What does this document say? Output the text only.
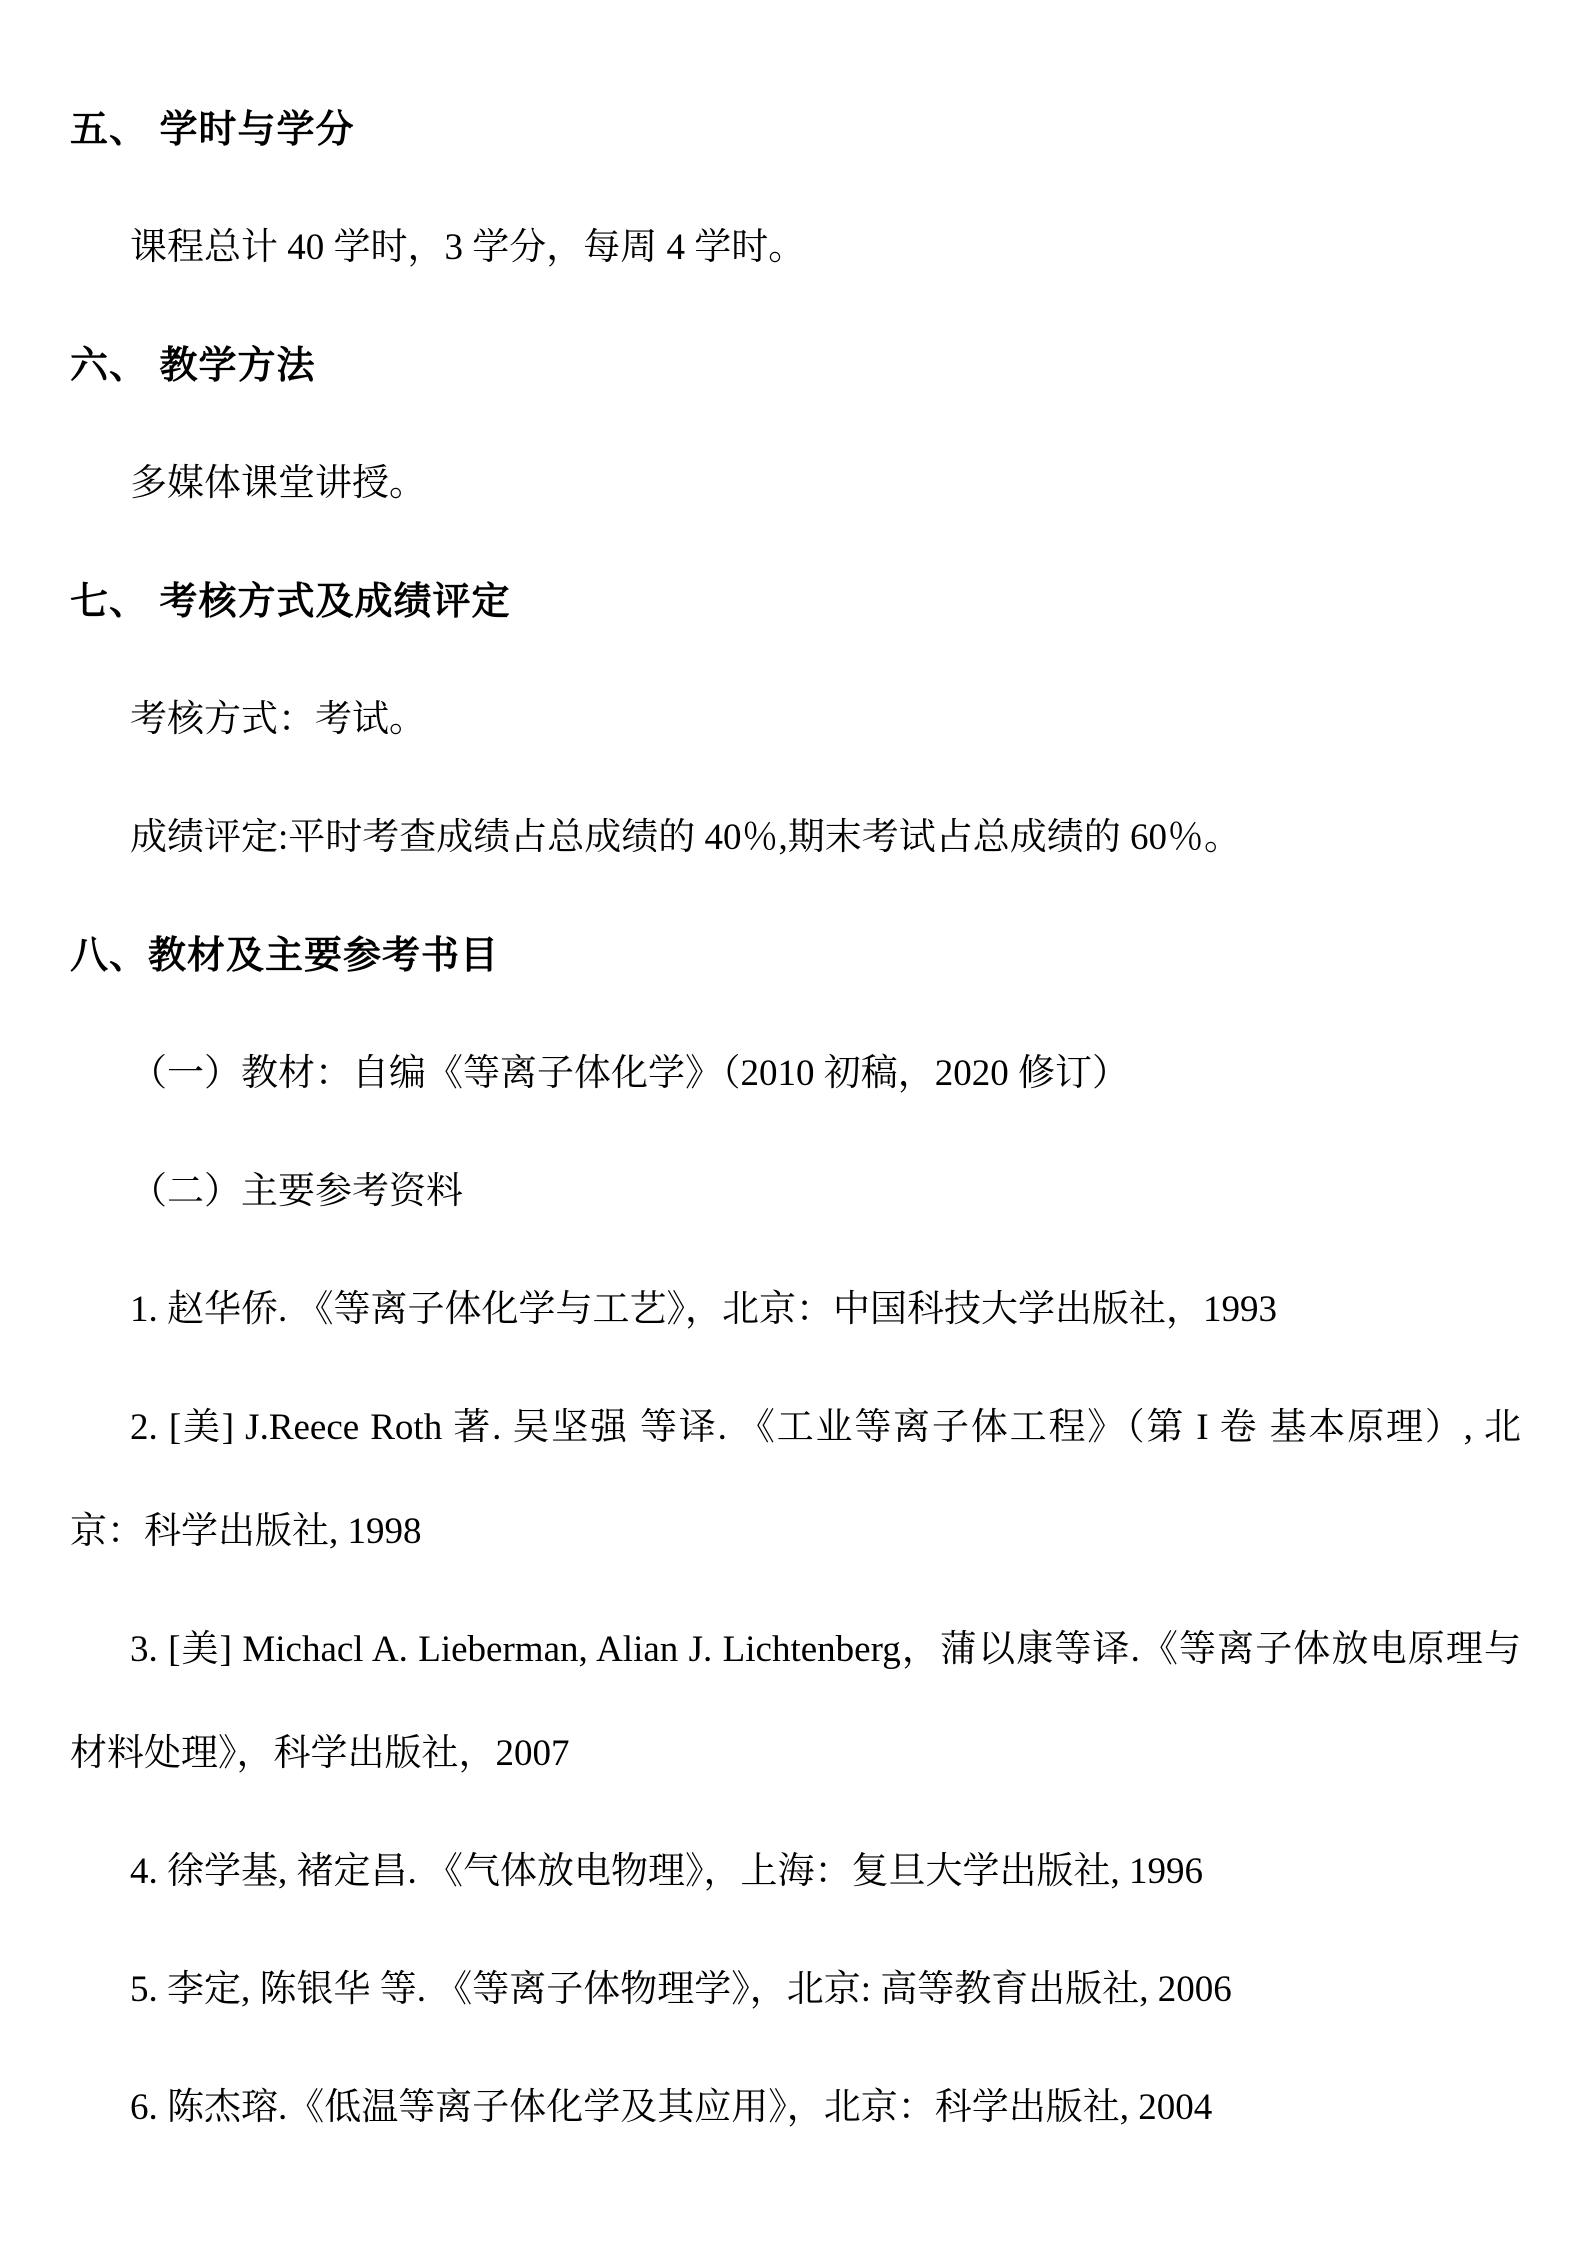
五、 学时与学分
课程总计 40 学时，3 学分，每周 4 学时。
六、 教学方法
多媒体课堂讲授。
七、 考核方式及成绩评定
考核方式：考试。
成绩评定:平时考查成绩占总成绩的 40％,期末考试占总成绩的 60％。
八、教材及主要参考书目
（一）教材：自编《等离子体化学》（2010 初稿，2020 修订）
（二）主要参考资料
1. 赵华侨. 《等离子体化学与工艺》，北京：中国科技大学出版社，1993
2. [美] J.Reece Roth 著. 吴坚强 等译. 《工业等离子体工程》（第 I 卷 基本原理）, 北京：科学出版社, 1998
3. [美] Michacl A. Lieberman, Alian J. Lichtenberg，蒲以康等译.《等离子体放电原理与材料处理》，科学出版社，2007
4. 徐学基, 褚定昌. 《气体放电物理》，上海：复旦大学出版社, 1996
5. 李定, 陈银华 等. 《等离子体物理学》，北京: 高等教育出版社, 2006
6. 陈杰瑢.《低温等离子体化学及其应用》，北京：科学出版社, 2004
